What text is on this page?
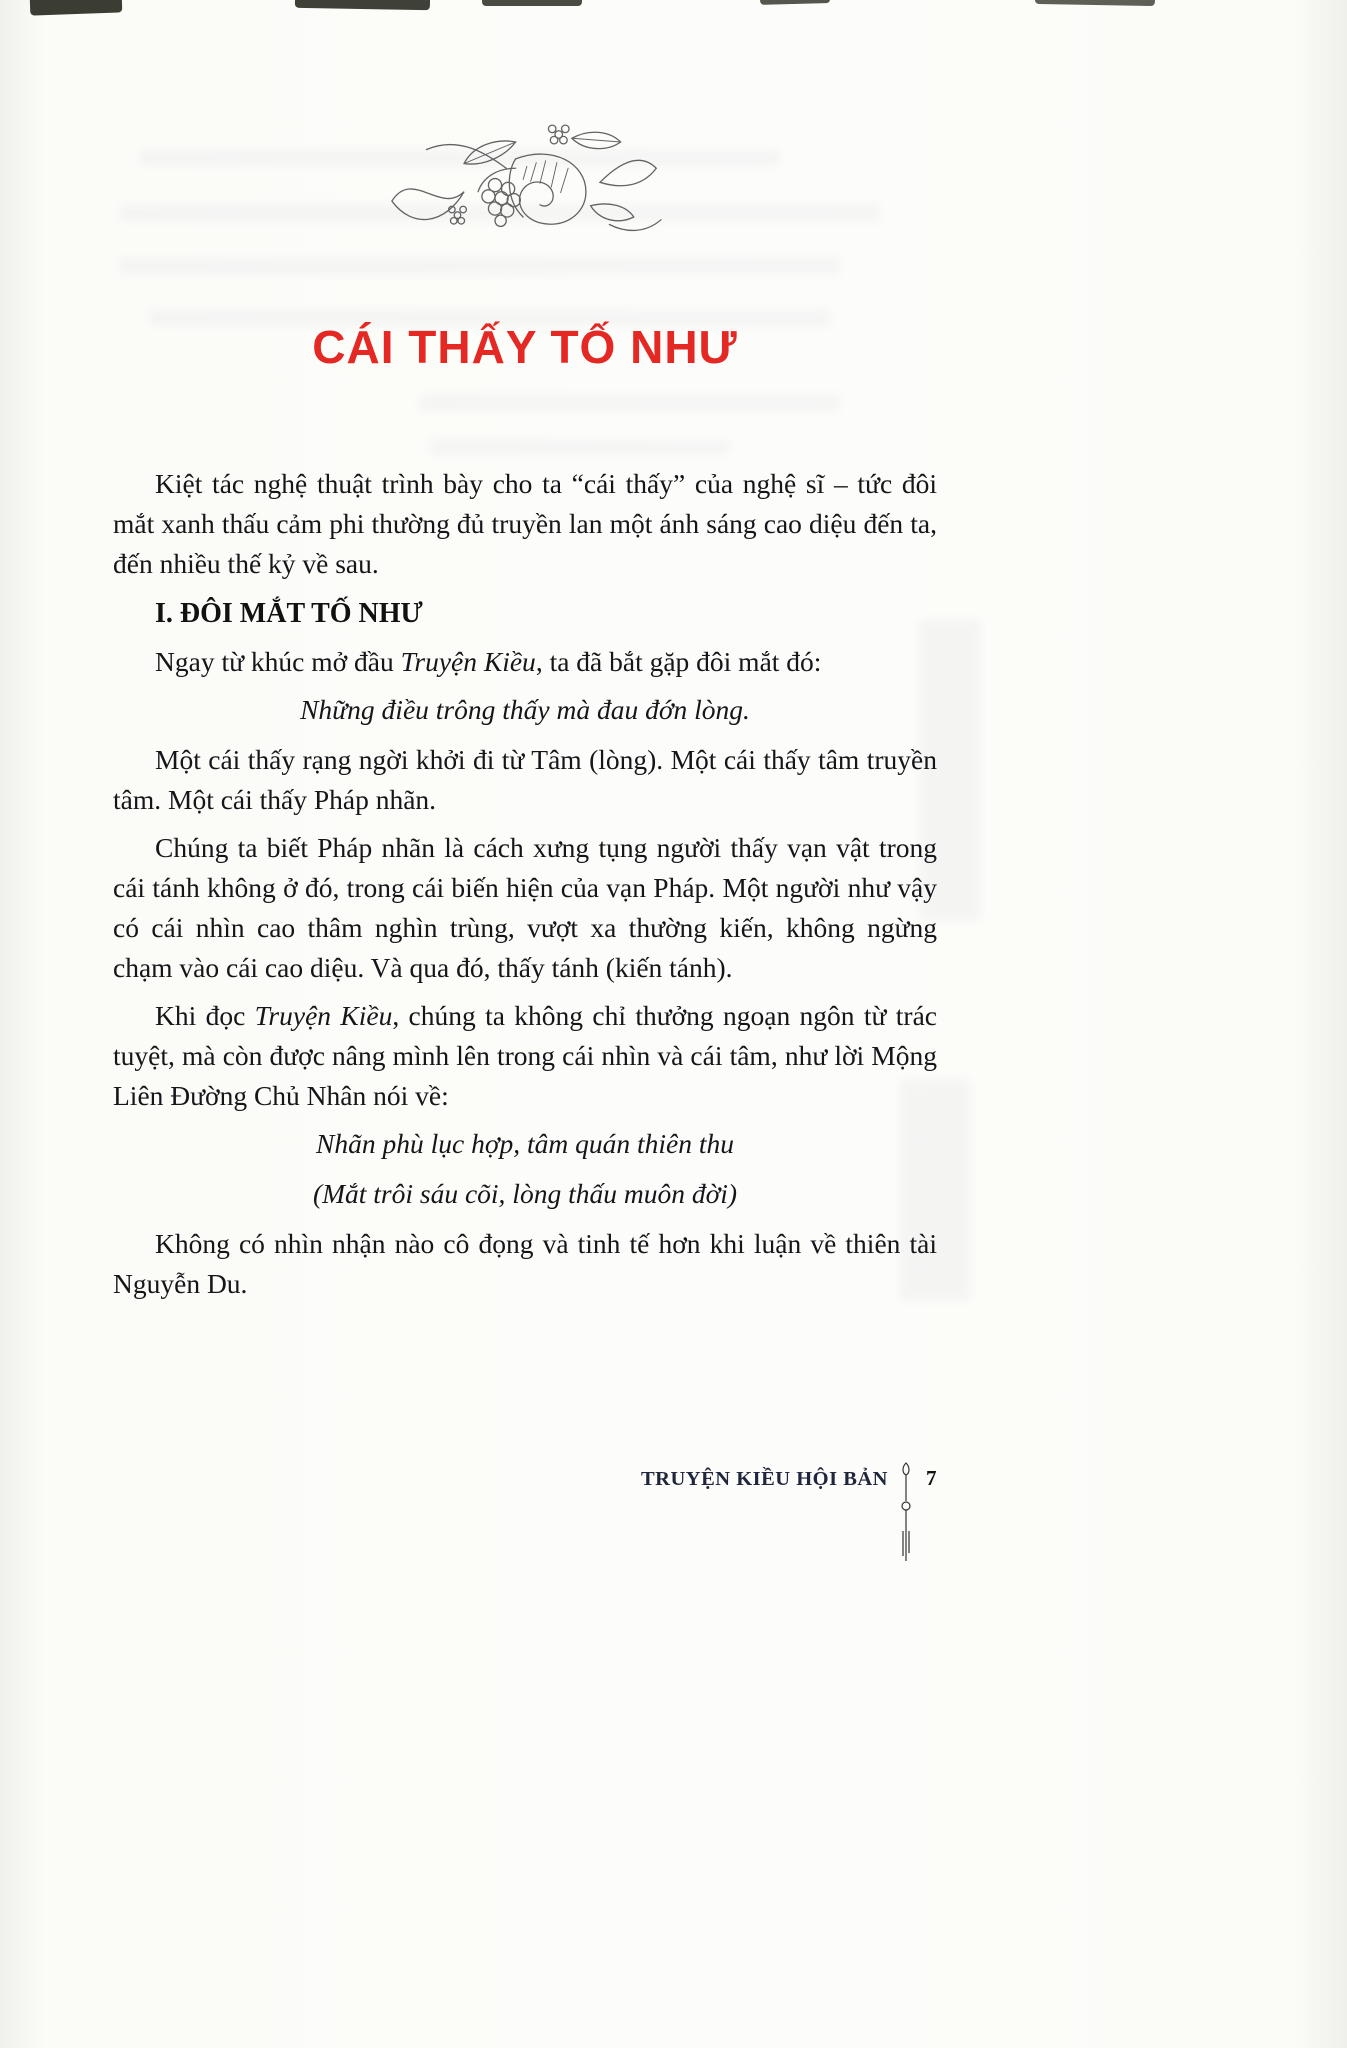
CÁI THẤY TỐ NHƯ

Kiệt tác nghệ thuật trình bày cho ta “cái thấy” của nghệ sĩ – tức đôi mắt xanh thấu cảm phi thường đủ truyền lan một ánh sáng cao diệu đến ta, đến nhiều thế kỷ về sau.

I. ĐÔI MẮT TỐ NHƯ

Ngay từ khúc mở đầu Truyện Kiều, ta đã bắt gặp đôi mắt đó:

Những điều trông thấy mà đau đớn lòng.

Một cái thấy rạng ngời khởi đi từ Tâm (lòng). Một cái thấy tâm truyền tâm. Một cái thấy Pháp nhãn.

Chúng ta biết Pháp nhãn là cách xưng tụng người thấy vạn vật trong cái tánh không ở đó, trong cái biến hiện của vạn Pháp. Một người như vậy có cái nhìn cao thâm nghìn trùng, vượt xa thường kiến, không ngừng chạm vào cái cao diệu. Và qua đó, thấy tánh (kiến tánh).

Khi đọc Truyện Kiều, chúng ta không chỉ thưởng ngoạn ngôn từ trác tuyệt, mà còn được nâng mình lên trong cái nhìn và cái tâm, như lời Mộng Liên Đường Chủ Nhân nói về:

Nhãn phù lục hợp, tâm quán thiên thu

(Mắt trôi sáu cõi, lòng thấu muôn đời)

Không có nhìn nhận nào cô đọng và tinh tế hơn khi luận về thiên tài Nguyễn Du.

TRUYỆN KIỀU HỘI BẢN 7
